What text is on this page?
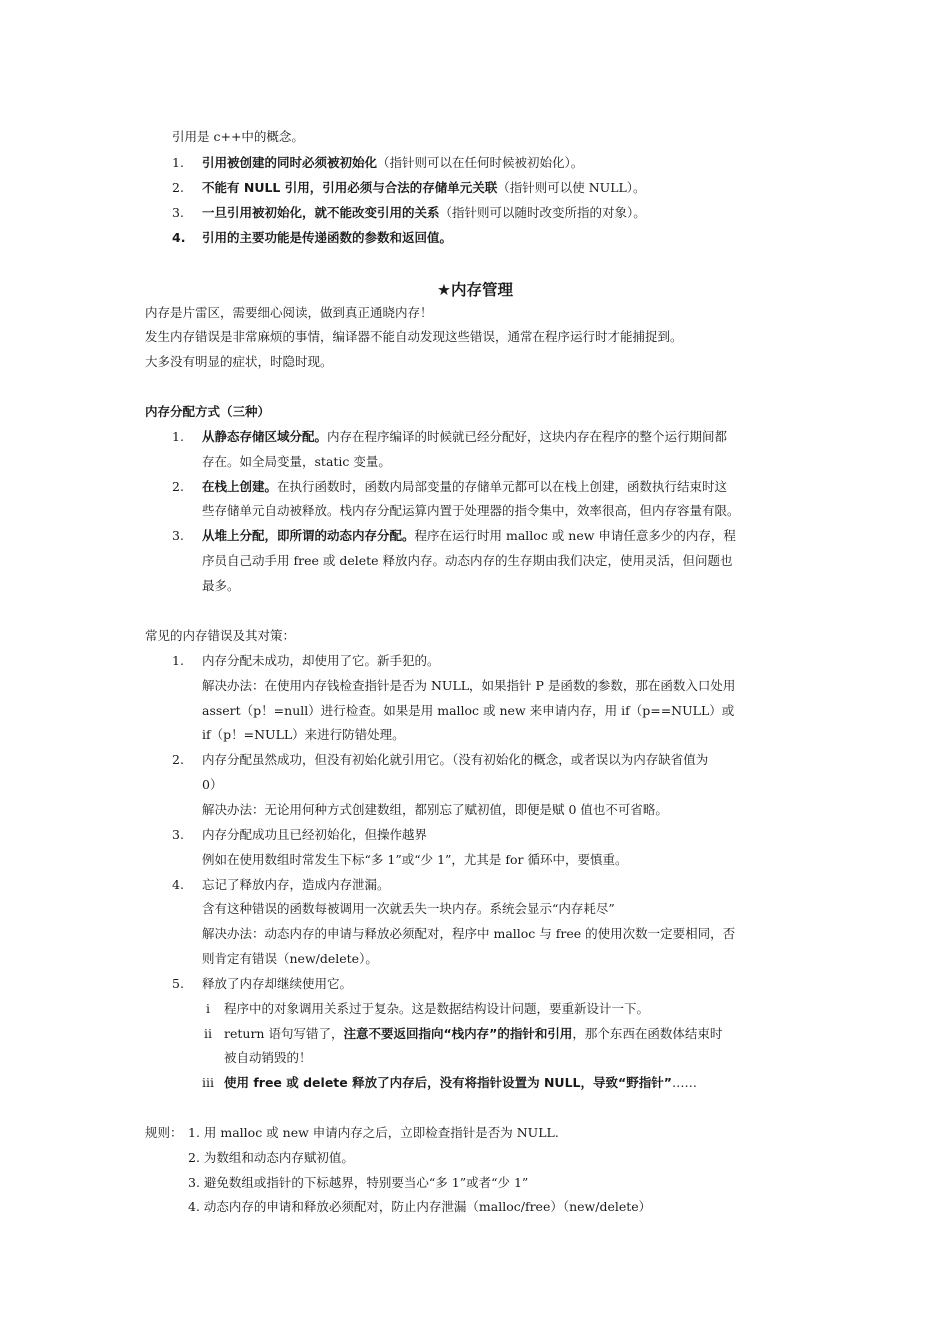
引用是 c++中的概念。
1. 引用被创建的同时必须被初始化（指针则可以在任何时候被初始化）。
2. 不能有 NULL 引用，引用必须与合法的存储单元关联（指针则可以使 NULL）。
3. 一旦引用被初始化，就不能改变引用的关系（指针则可以随时改变所指的对象）。
4. 引用的主要功能是传递函数的参数和返回值。
★内存管理
内存是片雷区，需要细心阅读，做到真正通晓内存！
发生内存错误是非常麻烦的事情，编译器不能自动发现这些错误，通常在程序运行时才能捕捉到。
大多没有明显的症状，时隐时现。
内存分配方式（三种）
1. 从静态存储区域分配。内存在程序编译的时候就已经分配好，这块内存在程序的整个运行期间都
存在。如全局变量，static 变量。
2. 在栈上创建。在执行函数时，函数内局部变量的存储单元都可以在栈上创建，函数执行结束时这
些存储单元自动被释放。栈内存分配运算内置于处理器的指令集中，效率很高，但内存容量有限。
3. 从堆上分配，即所谓的动态内存分配。程序在运行时用 malloc 或 new 申请任意多少的内存，程
序员自己动手用 free 或 delete 释放内存。动态内存的生存期由我们决定，使用灵活，但问题也
最多。
常见的内存错误及其对策：
1. 内存分配未成功，却使用了它。新手犯的。
解决办法：在使用内存钱检查指针是否为 NULL，如果指针 P 是函数的参数，那在函数入口处用
assert（p！=null）进行检查。如果是用 malloc 或 new 来申请内存，用 if（p==NULL）或
if（p！=NULL）来进行防错处理。
2. 内存分配虽然成功，但没有初始化就引用它。（没有初始化的概念，或者误以为内存缺省值为
0）
解决办法：无论用何种方式创建数组，都别忘了赋初值，即便是赋 0 值也不可省略。
3. 内存分配成功且已经初始化，但操作越界
例如在使用数组时常发生下标“多 1”或“少 1”，尤其是 for 循环中，要慎重。
4. 忘记了释放内存，造成内存泄漏。
含有这种错误的函数每被调用一次就丢失一块内存。系统会显示“内存耗尽”
解决办法：动态内存的申请与释放必须配对，程序中 malloc 与 free 的使用次数一定要相同，否
则肯定有错误（new/delete）。
5. 释放了内存却继续使用它。
i 程序中的对象调用关系过于复杂。这是数据结构设计问题，要重新设计一下。
ii return 语句写错了，注意不要返回指向“栈内存”的指针和引用，那个东西在函数体结束时
被自动销毁的！
iii 使用 free 或 delete 释放了内存后，没有将指针设置为 NULL，导致“野指针”……
规则： 1. 用 malloc 或 new 申请内存之后，立即检查指针是否为 NULL.
2. 为数组和动态内存赋初值。
3. 避免数组或指针的下标越界，特别要当心“多 1”或者“少 1”
4. 动态内存的申请和释放必须配对，防止内存泄漏（malloc/free）（new/delete）
